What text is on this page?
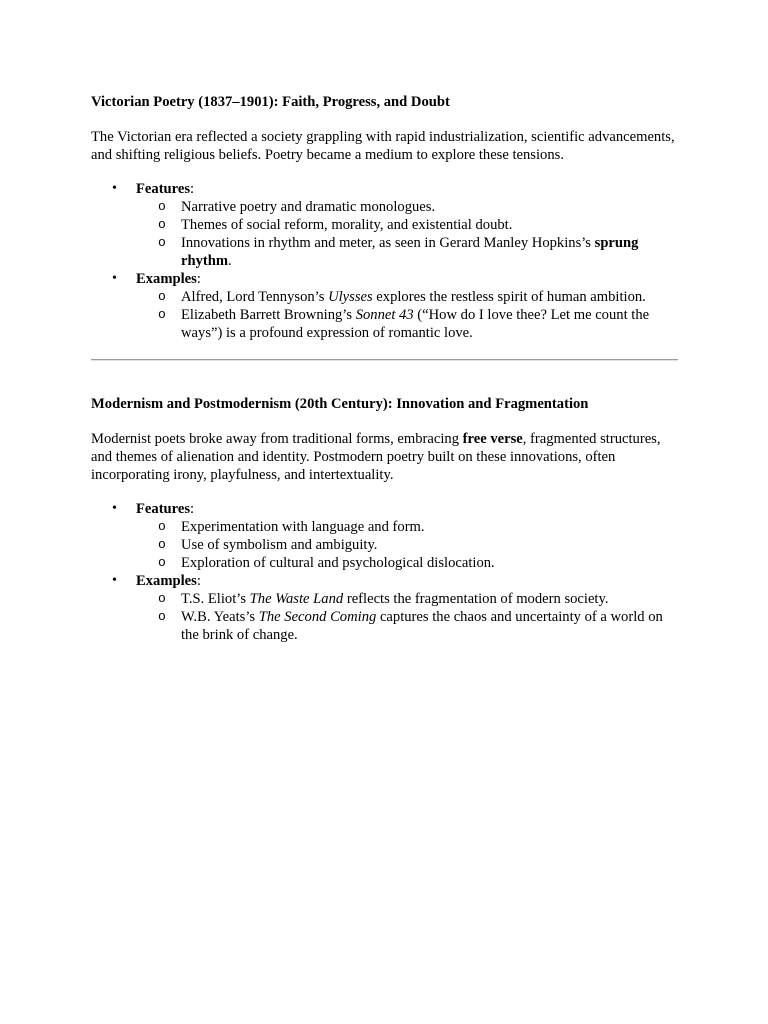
Victorian Poetry (1837–1901): Faith, Progress, and Doubt

The Victorian era reflected a society grappling with rapid industrialization, scientific advancements, and shifting religious beliefs. Poetry became a medium to explore these tensions.

• Features:
o Narrative poetry and dramatic monologues.
o Themes of social reform, morality, and existential doubt.
o Innovations in rhythm and meter, as seen in Gerard Manley Hopkins’s sprung rhythm.
• Examples:
o Alfred, Lord Tennyson’s Ulysses explores the restless spirit of human ambition.
o Elizabeth Barrett Browning’s Sonnet 43 (“How do I love thee? Let me count the ways”) is a profound expression of romantic love.
Modernism and Postmodernism (20th Century): Innovation and Fragmentation

Modernist poets broke away from traditional forms, embracing free verse, fragmented structures, and themes of alienation and identity. Postmodern poetry built on these innovations, often incorporating irony, playfulness, and intertextuality.

• Features:
o Experimentation with language and form.
o Use of symbolism and ambiguity.
o Exploration of cultural and psychological dislocation.
• Examples:
o T.S. Eliot’s The Waste Land reflects the fragmentation of modern society.
o W.B. Yeats’s The Second Coming captures the chaos and uncertainty of a world on the brink of change.
